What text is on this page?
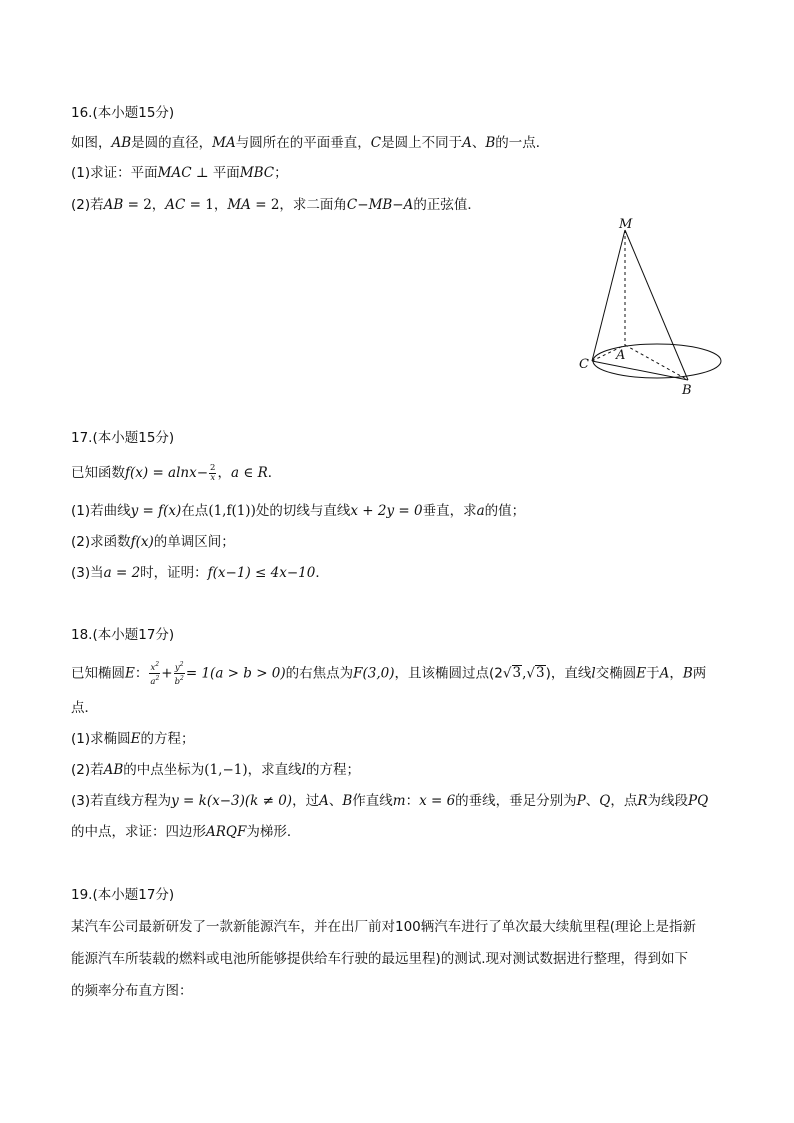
16.(本小题15分)
如图，AB是圆的直径，MA与圆所在的平面垂直，C是圆上不同于A、B的一点．
(1)求证：平面MAC ⊥ 平面MBC；
(2)若AB = 2，AC = 1，MA = 2，求二面角C−MB−A的正弦值．
M
A
C
B
17.(本小题15分)
已知函数$f(x) = alnx- \frac{2}{x}$ ，a ∈ R．
(1)若曲线y = f(x)在点(1,f(1))处的切线与直线x + 2y = 0垂直，求a的值；
(2)求函数f(x)的单调区间；
(3)当a = 2时，证明：f(x−1) ≤ 4x−10．
18.(本小题17分)
已知椭圆E： $\frac{x^2}{a^2} + \frac{y^2}{b^2} = 1(a > b > 0)$的右焦点为F(3,0)，且该椭圆过点(2√3,√3)，直线l交椭圆E于A，B两
点．
(1)求椭圆E的方程；
(2)若AB的中点坐标为(1,−1)，求直线l的方程；
(3)若直线方程为y = k(x−3)(k ≠ 0)，过A、B作直线m：x = 6的垂线，垂足分别为P、Q，点R为线段PQ
的中点，求证：四边形ARQF为梯形．
19.(本小题17分)
某汽车公司最新研发了一款新能源汽车，并在出厂前对100辆汽车进行了单次最大续航里程(理论上是指新
能源汽车所装载的燃料或电池所能够提供给车行驶的最远里程)的测试.现对测试数据进行整理，得到如下
的频率分布直方图：
